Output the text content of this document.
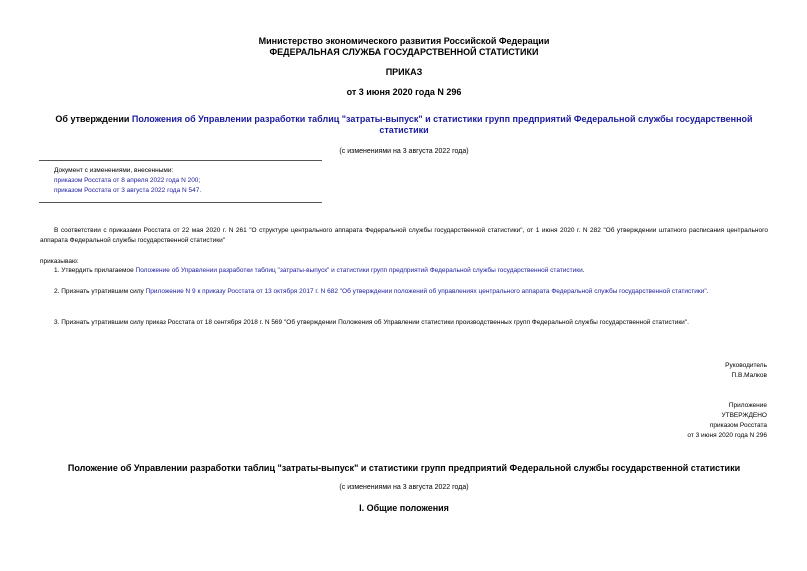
Министерство экономического развития Российской Федерации
ФЕДЕРАЛЬНАЯ СЛУЖБА ГОСУДАРСТВЕННОЙ СТАТИСТИКИ
ПРИКАЗ
от 3 июня 2020 года N 296
Об утверждении Положения об Управлении разработки таблиц "затраты-выпуск" и статистики групп предприятий Федеральной службы государственной статистики
(с изменениями на 3 августа 2022 года)
Документ с изменениями, внесенными:
приказом Росстата от 8 апреля 2022 года N 200;
приказом Росстата от 3 августа 2022 года N 547.
В соответствии с приказами Росстата от 22 мая 2020 г. N 261 "О структуре центрального аппарата Федеральной службы государственной статистики", от 1 июня 2020 г. N 282 "Об утверждении штатного расписания центрального аппарата Федеральной службы государственной статистики"
приказываю:
1. Утвердить прилагаемое Положение об Управлении разработки таблиц "затраты-выпуск" и статистики групп предприятий Федеральной службы государственной статистики.
2. Признать утратившим силу Приложение N 9 к приказу Росстата от 13 октября 2017 г. N 682 "Об утверждении положений об управлениях центрального аппарата Федеральной службы государственной статистики".
3. Признать утратившим силу приказ Росстата от 18 сентября 2018 г. N 569 "Об утверждении Положения об Управлении статистики производственных групп Федеральной службы государственной статистики".
Руководитель
П.В.Малков
Приложение
УТВЕРЖДЕНО
приказом Росстата
от 3 июня 2020 года N 296
Положение об Управлении разработки таблиц "затраты-выпуск" и статистики групп предприятий Федеральной службы государственной статистики
(с изменениями на 3 августа 2022 года)
I. Общие положения
